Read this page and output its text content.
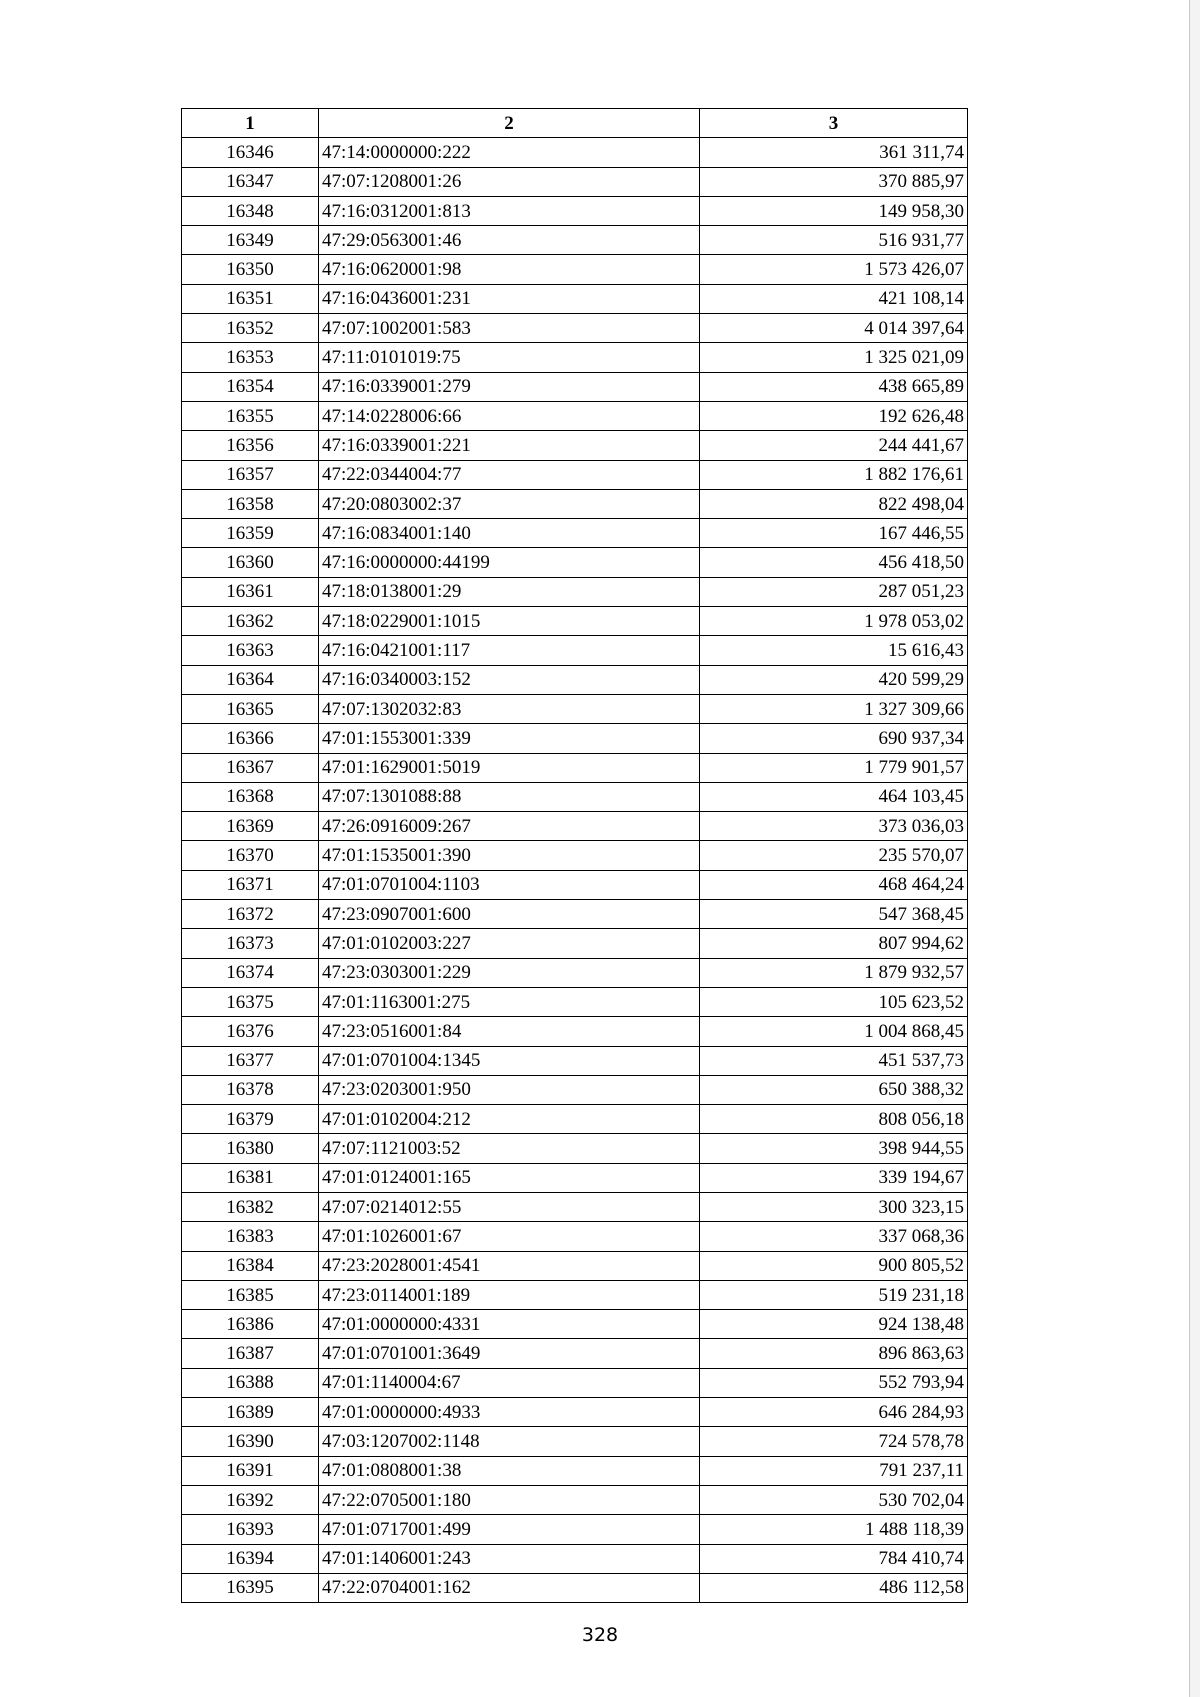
1	2	3
16346	47:14:0000000:222	361 311,74
16347	47:07:1208001:26	370 885,97
16348	47:16:0312001:813	149 958,30
16349	47:29:0563001:46	516 931,77
16350	47:16:0620001:98	1 573 426,07
16351	47:16:0436001:231	421 108,14
16352	47:07:1002001:583	4 014 397,64
16353	47:11:0101019:75	1 325 021,09
16354	47:16:0339001:279	438 665,89
16355	47:14:0228006:66	192 626,48
16356	47:16:0339001:221	244 441,67
16357	47:22:0344004:77	1 882 176,61
16358	47:20:0803002:37	822 498,04
16359	47:16:0834001:140	167 446,55
16360	47:16:0000000:44199	456 418,50
16361	47:18:0138001:29	287 051,23
16362	47:18:0229001:1015	1 978 053,02
16363	47:16:0421001:117	15 616,43
16364	47:16:0340003:152	420 599,29
16365	47:07:1302032:83	1 327 309,66
16366	47:01:1553001:339	690 937,34
16367	47:01:1629001:5019	1 779 901,57
16368	47:07:1301088:88	464 103,45
16369	47:26:0916009:267	373 036,03
16370	47:01:1535001:390	235 570,07
16371	47:01:0701004:1103	468 464,24
16372	47:23:0907001:600	547 368,45
16373	47:01:0102003:227	807 994,62
16374	47:23:0303001:229	1 879 932,57
16375	47:01:1163001:275	105 623,52
16376	47:23:0516001:84	1 004 868,45
16377	47:01:0701004:1345	451 537,73
16378	47:23:0203001:950	650 388,32
16379	47:01:0102004:212	808 056,18
16380	47:07:1121003:52	398 944,55
16381	47:01:0124001:165	339 194,67
16382	47:07:0214012:55	300 323,15
16383	47:01:1026001:67	337 068,36
16384	47:23:2028001:4541	900 805,52
16385	47:23:0114001:189	519 231,18
16386	47:01:0000000:4331	924 138,48
16387	47:01:0701001:3649	896 863,63
16388	47:01:1140004:67	552 793,94
16389	47:01:0000000:4933	646 284,93
16390	47:03:1207002:1148	724 578,78
16391	47:01:0808001:38	791 237,11
16392	47:22:0705001:180	530 702,04
16393	47:01:0717001:499	1 488 118,39
16394	47:01:1406001:243	784 410,74
16395	47:22:0704001:162	486 112,58
328
